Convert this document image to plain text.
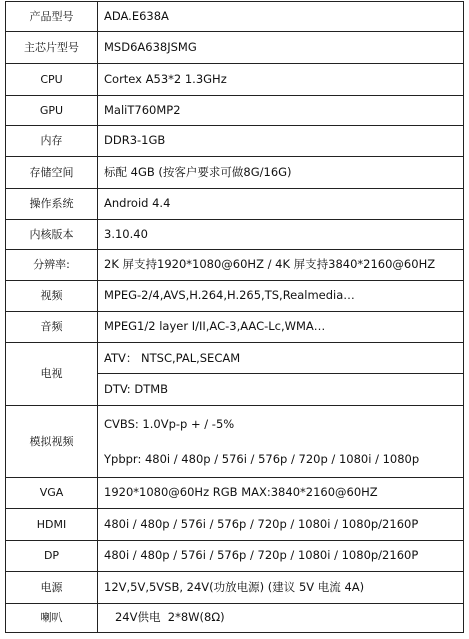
产品型号	ADA.E638A
主芯片型号	MSD6A638JSMG
CPU	Cortex A53*2 1.3GHz
GPU	MaliT760MP2
内存	DDR3-1GB
存储空间	标配 4GB (按客户要求可做8G/16G)
操作系统	Android 4.4
内核版本	3.10.40
分辨率:	2K 屏支持1920*1080@60HZ / 4K 屏支持3840*2160@60HZ
视频	MPEG-2/4,AVS,H.264,H.265,TS,Realmedia…
音频	MPEG1/2 layer I/II,AC-3,AAC-Lc,WMA…
电视	ATV： NTSC,PAL,SECAM
DTV: DTMB

模拟视频	CVBS: 1.0Vp-p + / -5%
Ypbpr: 480i / 480p / 576i / 576p / 720p / 1080i / 1080p

VGA	1920*1080@60Hz RGB MAX:3840*2160@60HZ
HDMI	480i / 480p / 576i / 576p / 720p / 1080i / 1080p/2160P
DP	480i / 480p / 576i / 576p / 720p / 1080i / 1080p/2160P
电源	12V,5V,5VSB, 24V(功放电源) (建议 5V 电流 4A)
喇叭	24V供电  2*8W(8Ω)
